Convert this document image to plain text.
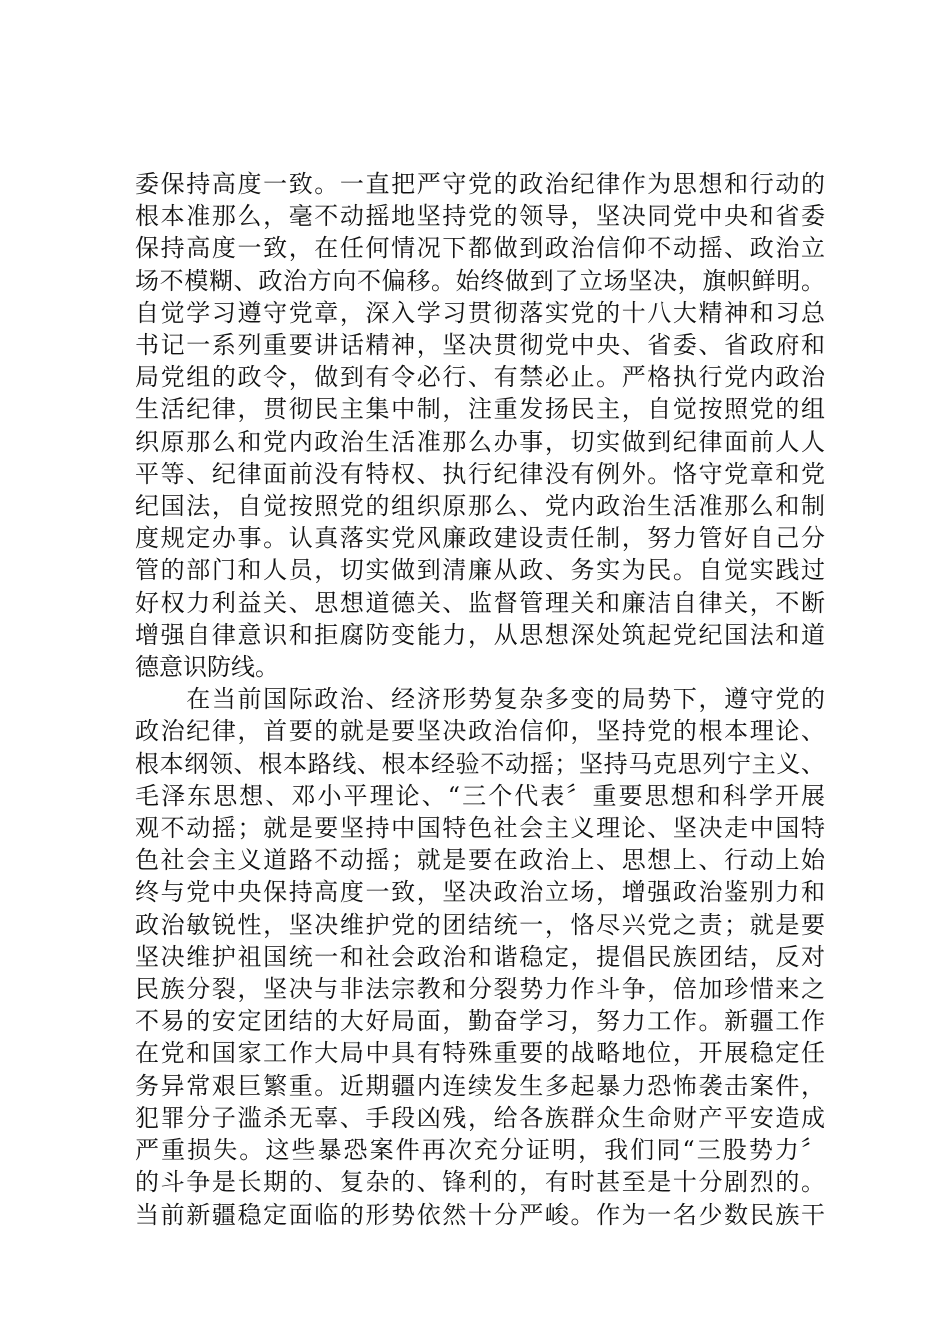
委保持高度一致。一直把严守党的政治纪律作为思想和行动的
根本准那么，毫不动摇地坚持党的领导，坚决同党中央和省委
保持高度一致，在任何情况下都做到政治信仰不动摇、政治立
场不模糊、政治方向不偏移。始终做到了立场坚决，旗帜鲜明。
自觉学习遵守党章，深入学习贯彻落实党的十八大精神和习总
书记一系列重要讲话精神，坚决贯彻党中央、省委、省政府和
局党组的政令，做到有令必行、有禁必止。严格执行党内政治
生活纪律，贯彻民主集中制，注重发扬民主，自觉按照党的组
织原那么和党内政治生活准那么办事，切实做到纪律面前人人
平等、纪律面前没有特权、执行纪律没有例外。恪守党章和党
纪国法，自觉按照党的组织原那么、党内政治生活准那么和制
度规定办事。认真落实党风廉政建设责任制，努力管好自己分
管的部门和人员，切实做到清廉从政、务实为民。自觉实践过
好权力利益关、思想道德关、监督管理关和廉洁自律关，不断
增强自律意识和拒腐防变能力，从思想深处筑起党纪国法和道
德意识防线。
　　在当前国际政治、经济形势复杂多变的局势下，遵守党的
政治纪律，首要的就是要坚决政治信仰，坚持党的根本理论、
根本纲领、根本路线、根本经验不动摇；坚持马克思列宁主义、
毛泽东思想、邓小平理论、“三个代表〞重要思想和科学开展
观不动摇；就是要坚持中国特色社会主义理论、坚决走中国特
色社会主义道路不动摇；就是要在政治上、思想上、行动上始
终与党中央保持高度一致，坚决政治立场，增强政治鉴别力和
政治敏锐性，坚决维护党的团结统一，恪尽兴党之责；就是要
坚决维护祖国统一和社会政治和谐稳定，提倡民族团结，反对
民族分裂，坚决与非法宗教和分裂势力作斗争，倍加珍惜来之
不易的安定团结的大好局面，勤奋学习，努力工作。新疆工作
在党和国家工作大局中具有特殊重要的战略地位，开展稳定任
务异常艰巨繁重。近期疆内连续发生多起暴力恐怖袭击案件，
犯罪分子滥杀无辜、手段凶残，给各族群众生命财产平安造成
严重损失。这些暴恐案件再次充分证明，我们同“三股势力〞
的斗争是长期的、复杂的、锋利的，有时甚至是十分剧烈的。
当前新疆稳定面临的形势依然十分严峻。作为一名少数民族干
